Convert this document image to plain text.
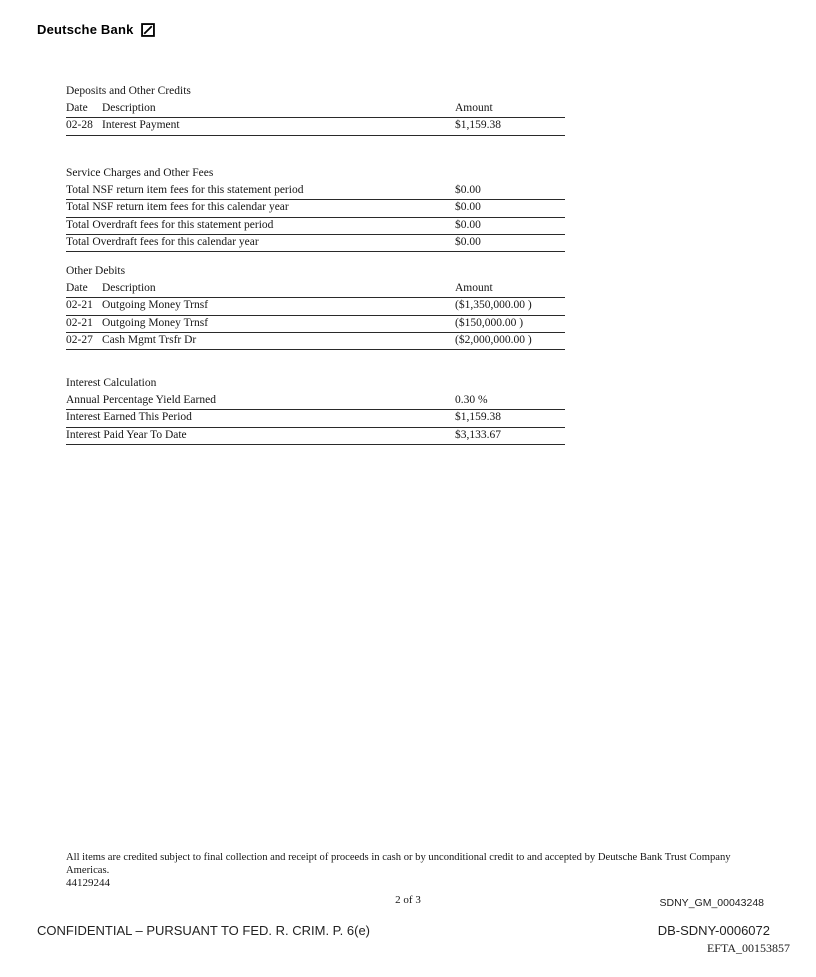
Deutsche Bank
Deposits and Other Credits
Date	Description	Amount
02-28	Interest Payment	$1,159.38
Service Charges and Other Fees
Total NSF return item fees for this statement period	$0.00
Total NSF return item fees for this calendar year	$0.00
Total Overdraft fees for this statement period	$0.00
Total Overdraft fees for this calendar year	$0.00
Other Debits
Date	Description	Amount
02-21	Outgoing Money Trnsf	($1,350,000.00 )
02-21	Outgoing Money Trnsf	($150,000.00 )
02-27	Cash Mgmt Trsfr Dr	($2,000,000.00 )
Interest Calculation
Annual Percentage Yield Earned	0.30 %
Interest Earned This Period	$1,159.38
Interest Paid Year To Date	$3,133.67
All items are credited subject to final collection and receipt of proceeds in cash or by unconditional credit to and accepted by Deutsche Bank Trust Company Americas.
44129244
2 of 3	SDNY_GM_00043248
CONFIDENTIAL – PURSUANT TO FED. R. CRIM. P. 6(e)	DB-SDNY-0006072
EFTA_00153857
